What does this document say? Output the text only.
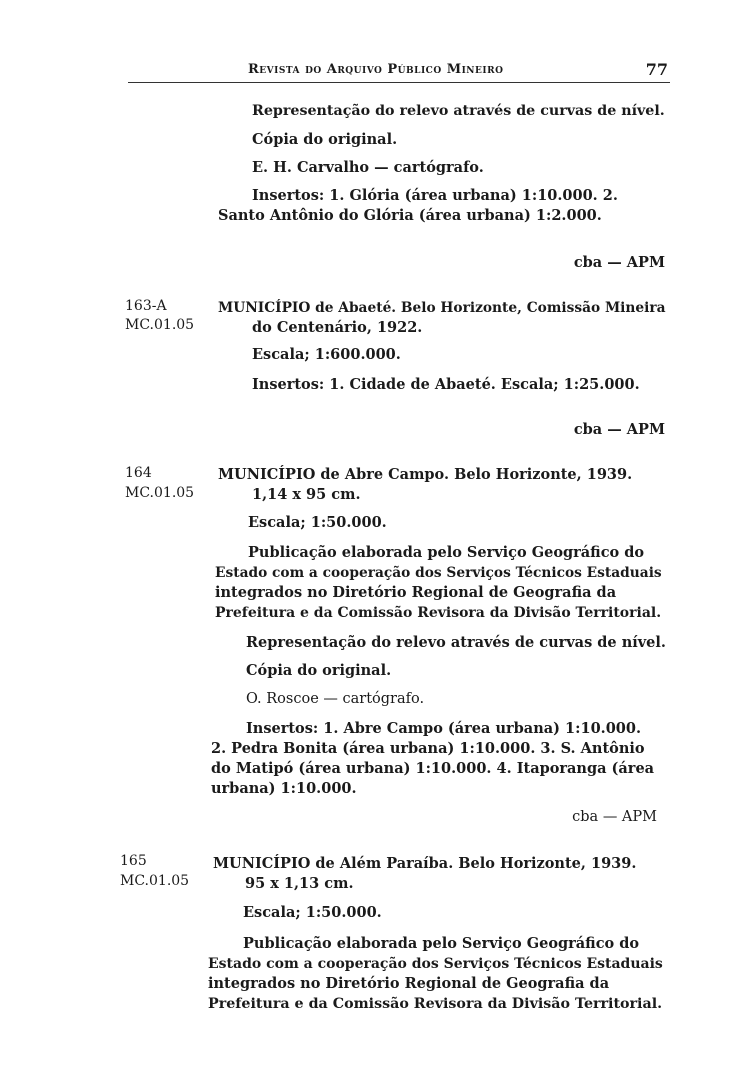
Revista do Arquivo Público Mineiro	77
Representação do relevo através de curvas de nível.
Cópia do original.
E. H. Carvalho — cartógrafo.
Insertos: 1. Glória (área urbana) 1:10.000. 2.
Santo Antônio do Glória (área urbana) 1:2.000.
cba — APM
163-A
MC.01.05
MUNICÍPIO de Abaeté. Belo Horizonte, Comissão Mineira
do Centenário, 1922.
Escala; 1:600.000.
Insertos: 1. Cidade de Abaeté. Escala; 1:25.000.
cba — APM
164
MC.01.05
MUNICÍPIO de Abre Campo. Belo Horizonte, 1939.
1,14 x 95 cm.
Escala; 1:50.000.
Publicação elaborada pelo Serviço Geográfico do
Estado com a cooperação dos Serviços Técnicos Estaduais
integrados no Diretório Regional de Geografia da
Prefeitura e da Comissão Revisora da Divisão Territorial.
Representação do relevo através de curvas de nível.
Cópia do original.
O. Roscoe — cartógrafo.
Insertos: 1. Abre Campo (área urbana) 1:10.000.
2. Pedra Bonita (área urbana) 1:10.000. 3. S. Antônio
do Matipó (área urbana) 1:10.000. 4. Itaporanga (área
urbana) 1:10.000.
cba — APM
165
MC.01.05
MUNICÍPIO de Além Paraíba. Belo Horizonte, 1939.
95 x 1,13 cm.
Escala; 1:50.000.
Publicação elaborada pelo Serviço Geográfico do
Estado com a cooperação dos Serviços Técnicos Estaduais
integrados no Diretório Regional de Geografia da
Prefeitura e da Comissão Revisora da Divisão Territorial.
